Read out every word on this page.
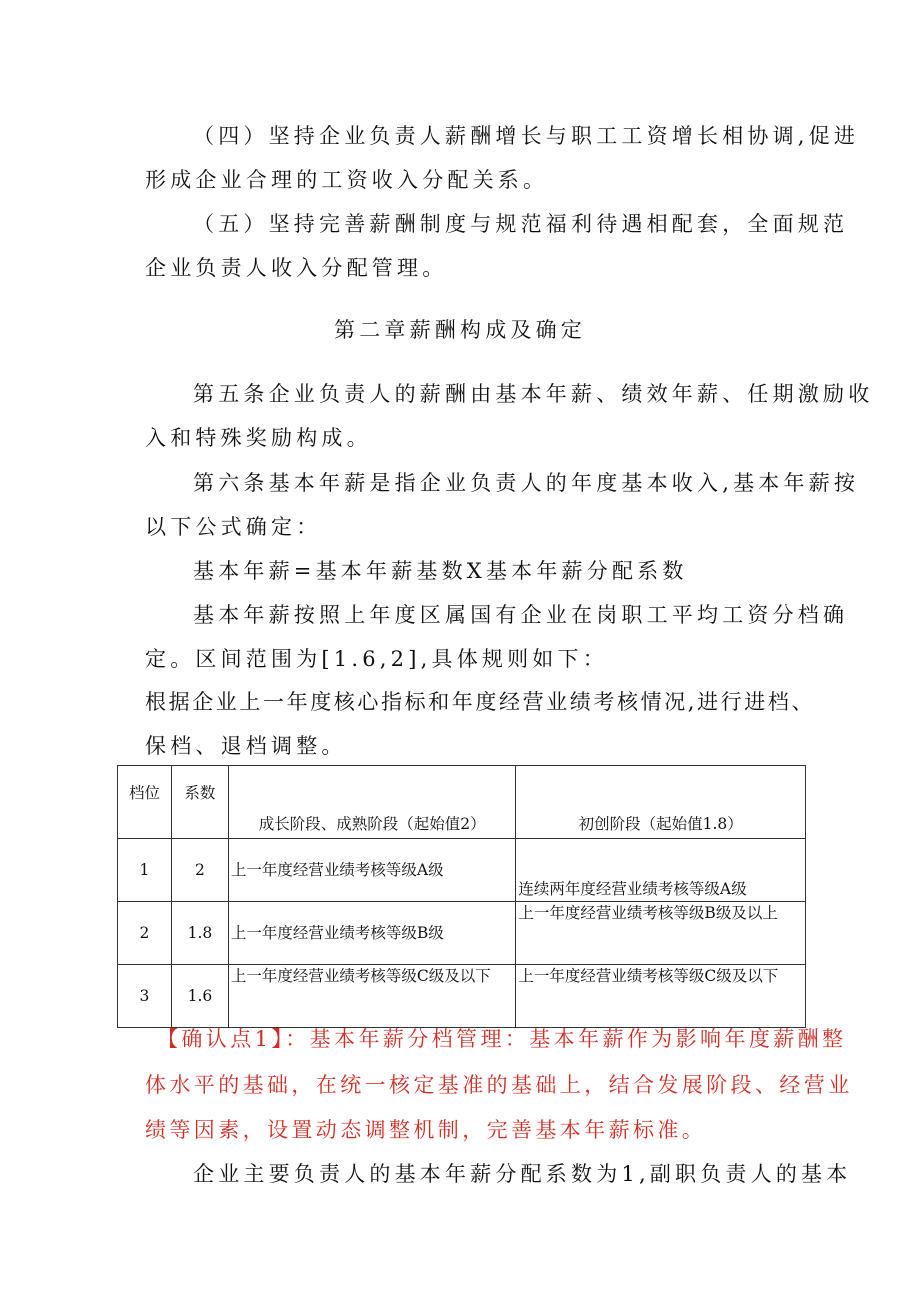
（四）坚持企业负责人薪酬增长与职工工资增长相协调,促进
形成企业合理的工资收入分配关系。
（五）坚持完善薪酬制度与规范福利待遇相配套，全面规范
企业负责人收入分配管理。
第二章薪酬构成及确定
第五条企业负责人的薪酬由基本年薪、绩效年薪、任期激励收
入和特殊奖励构成。
第六条基本年薪是指企业负责人的年度基本收入,基本年薪按
以下公式确定：
基本年薪=基本年薪基数X基本年薪分配系数
基本年薪按照上年度区属国有企业在岗职工平均工资分档确
定。区间范围为[1.6,2],具体规则如下：
根据企业上一年度核心指标和年度经营业绩考核情况,进行进档、
保档、退档调整。
档位	系数	成长阶段、成熟阶段（起始值2）	初创阶段（起始值1.8）
1	2	上一年度经营业绩考核等级A级	连续两年度经营业绩考核等级A级
2	1.8	上一年度经营业绩考核等级B级	上一年度经营业绩考核等级B级及以上
3	1.6	上一年度经营业绩考核等级C级及以下	上一年度经营业绩考核等级C级及以下
【确认点1】：基本年薪分档管理：基本年薪作为影响年度薪酬整
体水平的基础，在统一核定基准的基础上，结合发展阶段、经营业
绩等因素，设置动态调整机制，完善基本年薪标准。
企业主要负责人的基本年薪分配系数为1,副职负责人的基本
